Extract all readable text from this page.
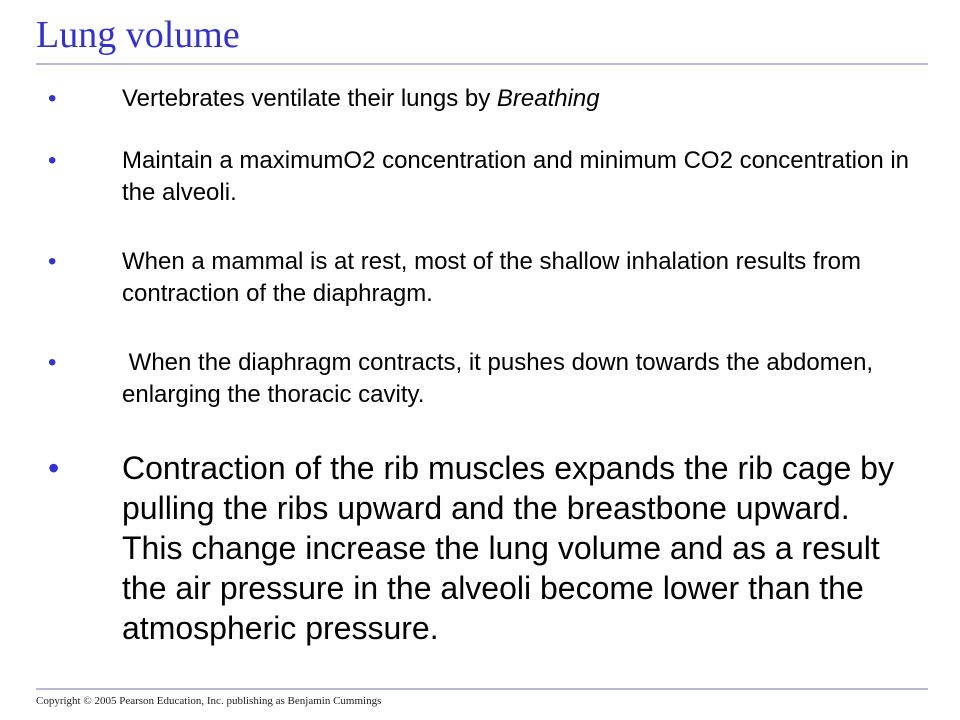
Lung volume
•	Vertebrates ventilate their lungs by Breathing
•	Maintain a maximumO2 concentration and minimum CO2 concentration in the alveoli.
•	When a mammal is at rest, most of the shallow inhalation results from contraction of the diaphragm.
•	When the diaphragm contracts, it pushes down towards the abdomen,  enlarging the thoracic cavity.
• Contraction of the rib muscles expands the rib cage by pulling the ribs upward and the breastbone upward.  This change increase the lung volume and as a result the air pressure in the alveoli become lower than the atmospheric pressure.
Copyright © 2005 Pearson Education, Inc. publishing as Benjamin Cummings
